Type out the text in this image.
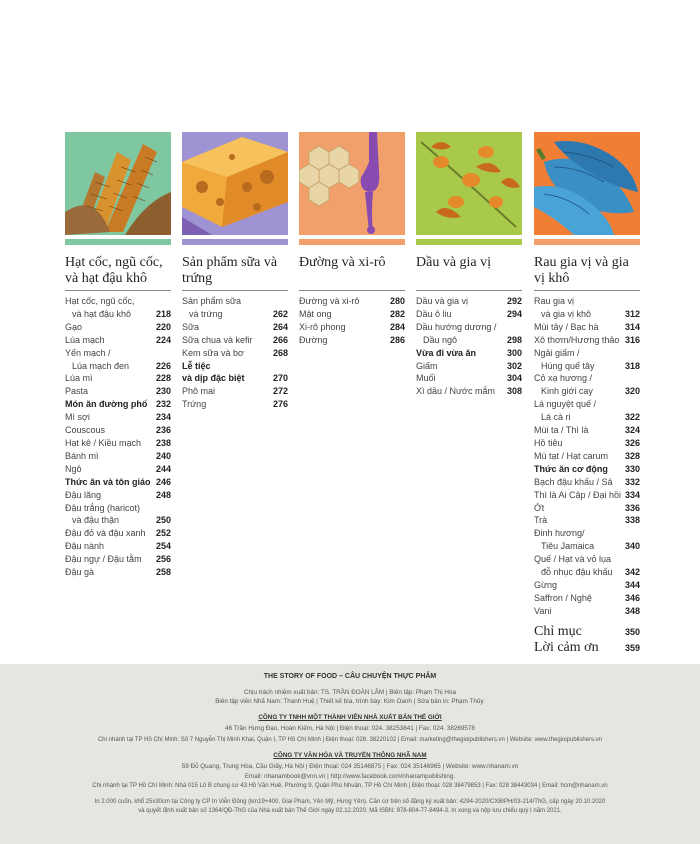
Hạt cốc, ngũ cốc, và hạt đậu khô
Hạt cốc, ngũ cốc,
và hạt đậu khô	218
Gạo	220
Lúa mạch	224
Yến mạch /
Lúa mạch đen	226
Lúa mì	228
Pasta	230
Món ăn đường phố 232
Mì sợi	234
Couscous	236
Hạt kê / Kiều mạch	238
Bánh mì	240
Ngô	244
Thức ăn và tôn giáo 246
Đậu lăng	248
Đậu trắng (haricot)
và đậu thận	250
Đậu đỏ và đậu xanh	252
Đậu nành	254
Đậu ngự / Đậu tằm	256
Đậu gà	258
Sản phẩm sữa và trứng
Sản phẩm sữa
và trứng	262
Sữa	264
Sữa chua và kefir	266
Kem sữa và bơ	268
Lễ tiệc
và dịp đặc biệt	270
Phô mai	272
Trứng	276
Đường và xi-rô
Đường và xi-rô	280
Mật ong	282
Xi-rô phong	284
Đường	286
Dầu và gia vị
Dầu và gia vị	292
Dầu ô liu	294
Dầu hướng dương /
Dầu ngô	298
Vừa đi vừa ăn	300
Giấm	302
Muối	304
Xì dầu / Nước mắm	308
Rau gia vị và gia vị khô
Rau gia vị
và gia vị khô	312
Mùi tây / Bạc hà	314
Xô thơm/Hương thảo 316
Ngải giấm /
Húng quế tây	318
Cỏ xạ hương /
Kinh giới cay	320
Lá nguyệt quế /
Lá cà ri	322
Mùi ta / Thì là	324
Hồ tiêu	326
Mù tạt / Hạt carum	328
Thức ăn cơ động	330
Bạch đậu khấu / Sả	332
Thì là Ai Cập / Đại hồi 334
Ớt	336
Trà	338
Đinh hương/
Tiêu Jamaica	340
Quế / Hạt và vỏ lụa
đỗ nhục đậu khấu	342
Gừng	344
Saffron / Nghệ	346
Vani	348
Chỉ mục	350
Lời cảm ơn	359
THE STORY OF FOOD – CÂU CHUYỆN THỰC PHẨM
Chịu trách nhiệm xuất bản: TS. TRẦN ĐOÀN LÂM | Biên tập: Phạm Thị Hoa
Biên tập viên Nhã Nam: Thanh Huệ | Thiết kế bìa, trình bày: Kim Oanh | Sửa bản in: Phạm Thủy.
CÔNG TY TNHH MỘT THÀNH VIÊN NHÀ XUẤT BẢN THẾ GIỚI
46 Trần Hưng Đạo, Hoàn Kiếm, Hà Nội | Điện thoại: 024. 38253841 | Fax: 024. 38269578
Chi nhánh tại TP Hồ Chí Minh: Số 7 Nguyễn Thị Minh Khai, Quận I, TP Hồ Chí Minh | Điện thoại: 028. 38220102 | Email: marketing@thegioipublishers.vn | Website: www.thegioipublishers.vn
CÔNG TY VĂN HÓA VÀ TRUYỀN THÔNG NHÃ NAM
59 Đỗ Quang, Trung Hòa, Cầu Giấy, Hà Nội | Điện thoại: 024 35146875 | Fax: 024 35146965 | Website: www.nhanam.vn
Email: nhanambook@vnn.vn | http://www.facebook.com/nhanampublishing.
Chi nhánh tại TP Hồ Chí Minh: Nhà 015 Lô B chung cư 43 Hồ Văn Huê, Phường 9, Quận Phú Nhuận, TP Hồ Chí Minh | Điện thoại: 028 38479853 | Fax: 028 38443034 | Email: hcm@nhanam.vn
In 2.000 cuốn, khổ 25x30cm tại Công ty CP In Viễn Đông (km19+400, Giai Phạm, Yên Mỹ, Hưng Yên). Căn cứ trên số đăng ký xuất bản: 4294-2020/CXBIPH/03-214/ThG, cấp ngày 20.10.2020
và quyết định xuất bản số 1364/QĐ-ThG của Nhà xuất bản Thế Giới ngày 02.12.2020. Mã ISBN: 978-604-77-8494-3. In xong và nộp lưu chiểu quý I năm 2021.
